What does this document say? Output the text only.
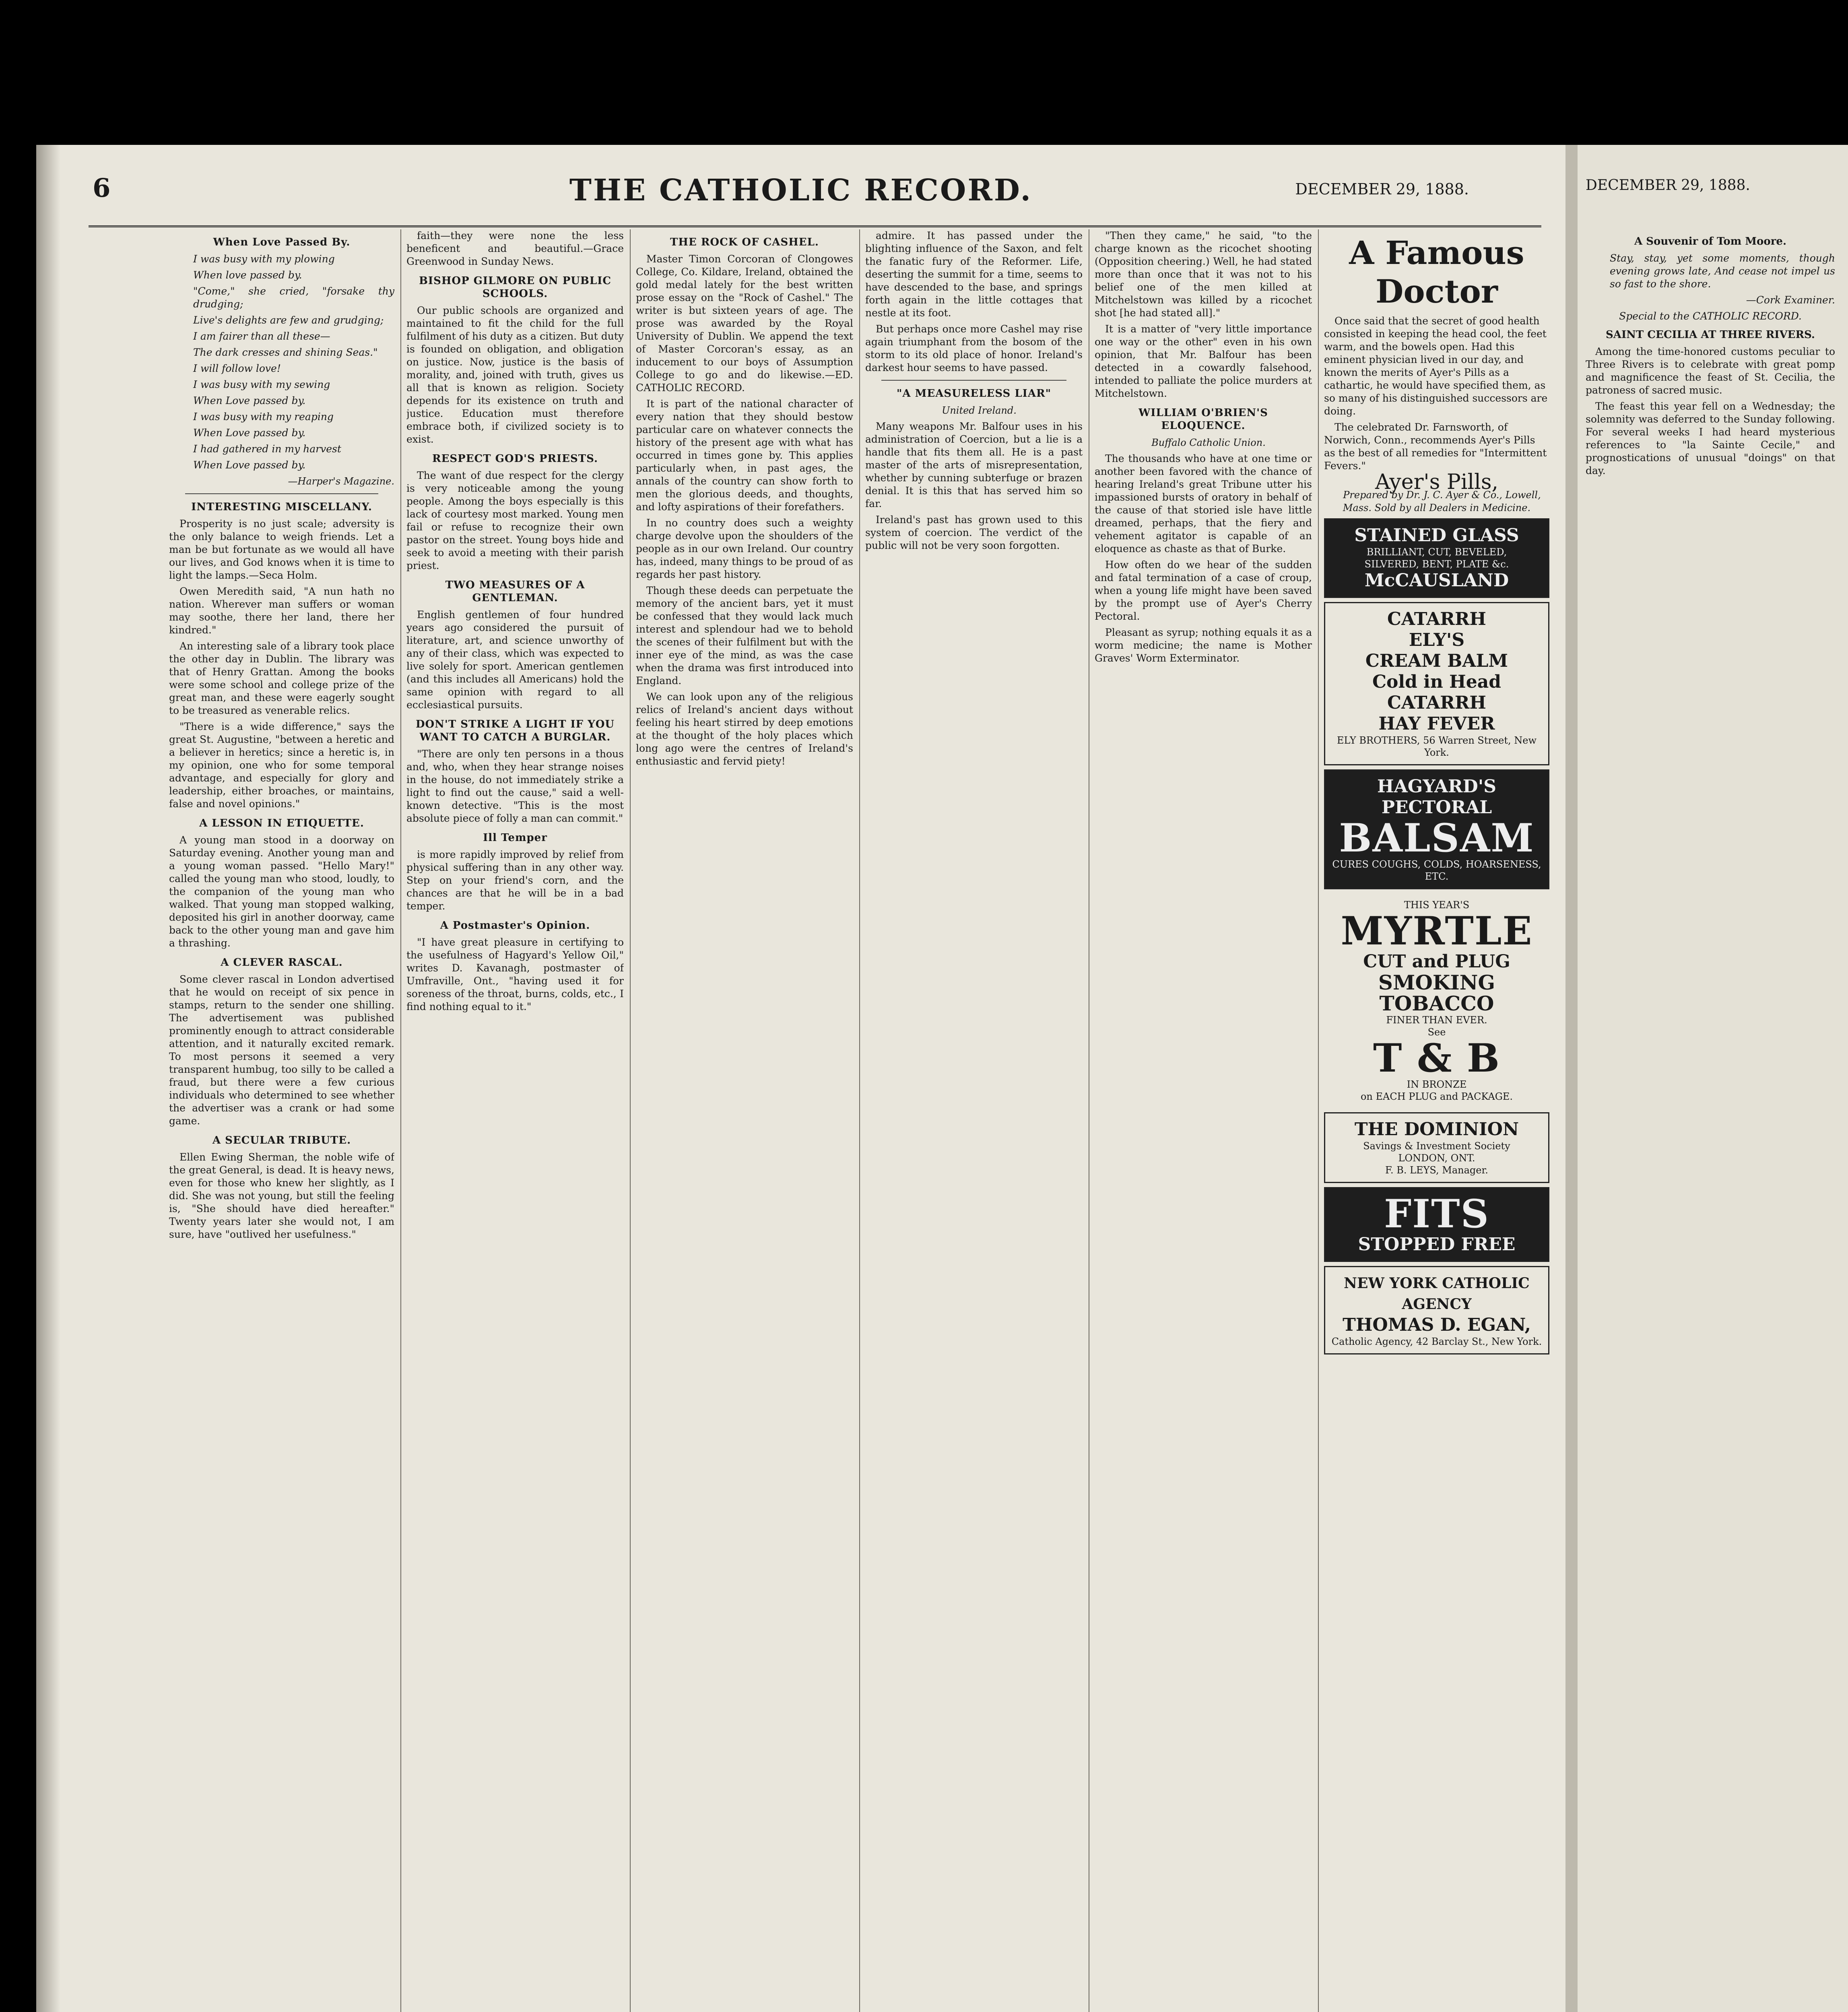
6	THE CATHOLIC RECORD.	DECEMBER 29, 1888.
When Love Passed By.

I was busy with my plowing

When love passed by.

"Come," she cried, "forsake thy drudging;

Live's delights are few and grudging;

I am fairer than all these—

The dark cresses and shining Seas."

I will follow love!

I was busy with my sewing

When Love passed by.

I was busy with my reaping

When Love passed by.

I had gathered in my harvest

When Love passed by.

—Harper's Magazine.

INTERESTING MISCELLANY.

Prosperity is no just scale; adversity is the only balance to weigh friends. Let a man be but fortunate as we would all have our lives, and God knows when it is time to light the lamps.—Seca Holm.

Owen Meredith said, "A nun hath no nation. Wherever man suffers or woman may soothe, there her land, there her kindred."

An interesting sale of a library took place the other day in Dublin. The library was that of Henry Grattan. Among the books were some school and college prize of the great man, and these were eagerly sought to be treasured as venerable relics.

"There is a wide difference," says the great St. Augustine, "between a heretic and a believer in heretics; since a heretic is, in my opinion, one who for some temporal advantage, and especially for glory and leadership, either broaches, or maintains, false and novel opinions."

A LESSON IN ETIQUETTE.

A young man stood in a doorway on Saturday evening. Another young man and a young woman passed. "Hello Mary!" called the young man who stood, loudly, to the companion of the young man who walked. That young man stopped walking, deposited his girl in another doorway, came back to the other young man and gave him a thrashing.

A CLEVER RASCAL.

Some clever rascal in London advertised that he would on receipt of six pence in stamps, return to the sender one shilling. The advertisement was published prominently enough to attract considerable attention, and it naturally excited remark. To most persons it seemed a very transparent humbug, too silly to be called a fraud, but there were a few curious individuals who determined to see whether the advertiser was a crank or had some game.

A SECULAR TRIBUTE.

Ellen Ewing Sherman, the noble wife of the great General, is dead. It is heavy news, even for those who knew her slightly, as I did. She was not young, but still the feeling is, "She should have died hereafter." Twenty years later she would not, I am sure, have "outlived her usefulness."

faith—they were none the less beneficent and beautiful.—Grace Greenwood in Sunday News.

BISHOP GILMORE ON PUBLIC SCHOOLS.

Our public schools are organized and maintained to fit the child for the full fulfilment of his duty as a citizen. But duty is founded on obligation, and obligation on justice. Now, justice is the basis of morality, and, joined with truth, gives us all that is known as religion. Society depends for its existence on truth and justice. Education must therefore embrace both, if civilized society is to exist.

RESPECT GOD'S PRIESTS.

The want of due respect for the clergy is very noticeable among the young people. Among the boys especially is this lack of courtesy most marked. Young men fail or refuse to recognize their own pastor on the street. Young boys hide and seek to avoid a meeting with their parish priest.

TWO MEASURES OF A GENTLEMAN.

English gentlemen of four hundred years ago considered the pursuit of literature, art, and science unworthy of any of their class, which was expected to live solely for sport. American gentlemen (and this includes all Americans) hold the same opinion with regard to all ecclesiastical pursuits.

DON'T STRIKE A LIGHT IF YOU WANT TO CATCH A BURGLAR.

"There are only ten persons in a thous and, who, when they hear strange noises in the house, do not immediately strike a light to find out the cause," said a well-known detective. "This is the most absolute piece of folly a man can commit."

Ill Temper

is more rapidly improved by relief from physical suffering than in any other way. Step on your friend's corn, and the chances are that he will be in a bad temper.

A Postmaster's Opinion.

"I have great pleasure in certifying to the usefulness of Hagyard's Yellow Oil," writes D. Kavanagh, postmaster of Umfraville, Ont., "having used it for soreness of the throat, burns, colds, etc., I find nothing equal to it."

THE ROCK OF CASHEL.

Master Timon Corcoran of Clongowes College, Co. Kildare, Ireland, obtained the gold medal lately for the best written prose essay on the "Rock of Cashel." The writer is but sixteen years of age. The prose was awarded by the Royal University of Dublin. We append the text of Master Corcoran's essay, as an inducement to our boys of Assumption College to go and do likewise.—ED. CATHOLIC RECORD.

It is part of the national character of every nation that they should bestow particular care on whatever connects the history of the present age with what has occurred in times gone by. This applies particularly when, in past ages, the annals of the country can show forth to men the glorious deeds, and thoughts, and lofty aspirations of their forefathers.

In no country does such a weighty charge devolve upon the shoulders of the people as in our own Ireland. Our country has, indeed, many things to be proud of as regards her past history.

Though these deeds can perpetuate the memory of the ancient bars, yet it must be confessed that they would lack much interest and splendour had we to behold the scenes of their fulfilment but with the inner eye of the mind, as was the case when the drama was first introduced into England.

We can look upon any of the religious relics of Ireland's ancient days without feeling his heart stirred by deep emotions at the thought of the holy places which long ago were the centres of Ireland's enthusiastic and fervid piety!

admire. It has passed under the blighting influence of the Saxon, and felt the fanatic fury of the Reformer. Life, deserting the summit for a time, seems to have descended to the base, and springs forth again in the little cottages that nestle at its foot.

But perhaps once more Cashel may rise again triumphant from the bosom of the storm to its old place of honor. Ireland's darkest hour seems to have passed.

"A MEASURELESS LIAR"

United Ireland.

Many weapons Mr. Balfour uses in his administration of Coercion, but a lie is a handle that fits them all. He is a past master of the arts of misrepresentation, whether by cunning subterfuge or brazen denial. It is this that has served him so far.

Ireland's past has grown used to this system of coercion. The verdict of the public will not be very soon forgotten.

"Then they came," he said, "to the charge known as the ricochet shooting (Opposition cheering.) Well, he had stated more than once that it was not to his belief one of the men killed at Mitchelstown was killed by a ricochet shot [he had stated all]."

It is a matter of "very little importance one way or the other" even in his own opinion, that Mr. Balfour has been detected in a cowardly falsehood, intended to palliate the police murders at Mitchelstown.

WILLIAM O'BRIEN'S ELOQUENCE.

Buffalo Catholic Union.

The thousands who have at one time or another been favored with the chance of hearing Ireland's great Tribune utter his impassioned bursts of oratory in behalf of the cause of that storied isle have little dreamed, perhaps, that the fiery and vehement agitator is capable of an eloquence as chaste as that of Burke.

How often do we hear of the sudden and fatal termination of a case of croup, when a young life might have been saved by the prompt use of Ayer's Cherry Pectoral.

Pleasant as syrup; nothing equals it as a worm medicine; the name is Mother Graves' Worm Exterminator.

A Famous Doctor

Once said that the secret of good health consisted in keeping the head cool, the feet warm, and the bowels open. Had this eminent physician lived in our day, and known the merits of Ayer's Pills as a cathartic, he would have specified them, as so many of his distinguished successors are doing.

The celebrated Dr. Farnsworth, of Norwich, Conn., recommends Ayer's Pills as the best of all remedies for "Intermittent Fevers."

Ayer's Pills,

Prepared by Dr. J. C. Ayer & Co., Lowell, Mass. Sold by all Dealers in Medicine.

STAINED GLASS
BRILLIANT, CUT, BEVELED,
SILVERED, BENT, PLATE &c.
McCAUSLAND
CATARRH
ELY'S
CREAM BALM
Cold in Head
CATARRH
HAY FEVER
ELY BROTHERS, 56 Warren Street, New York.
HAGYARD'S
PECTORAL
BALSAM
CURES COUGHS, COLDS, HOARSENESS, ETC.
THIS YEAR'S
MYRTLE
CUT and PLUG
SMOKING TOBACCO
FINER THAN EVER.
See
T & B
IN BRONZE
on EACH PLUG and PACKAGE.
THE DOMINION
Savings & Investment Society
LONDON, ONT.
F. B. LEYS, Manager.
FITS
STOPPED FREE
NEW YORK CATHOLIC AGENCY
THOMAS D. EGAN,
Catholic Agency, 42 Barclay St., New York.
DECEMBER 29, 1888.
A Souvenir of Tom Moore.

Stay, stay, yet some moments, though evening grows late, And cease not impel us so fast to the shore.

—Cork Examiner.

Special to the CATHOLIC RECORD.

SAINT CECILIA AT THREE RIVERS.

Among the time-honored customs peculiar to Three Rivers is to celebrate with great pomp and magnificence the feast of St. Cecilia, the patroness of sacred music.

The feast this year fell on a Wednesday; the solemnity was deferred to the Sunday following. For several weeks I had heard mysterious references to "la Sainte Cecile," and prognostications of unusual "doings" on that day.
